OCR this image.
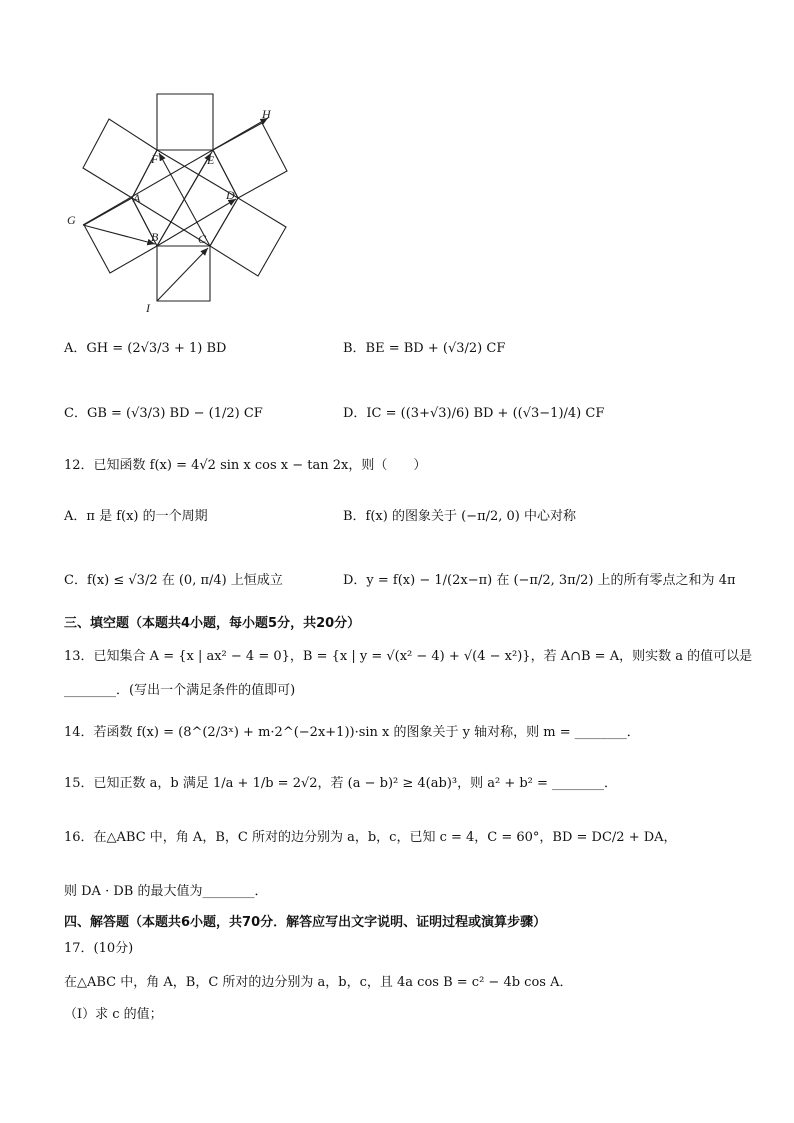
H
F	E
A	D
G
B	C
I
A．GH = (2√3/3 + 1) BD	B．BE = BD + (√3/2) CF
C．GB = (√3/3) BD − (1/2) CF	D．IC = ((3+√3)/6) BD + ((√3−1)/4) CF
12．已知函数 f(x) = 4√2 sin x cos x − tan 2x，则（　　）
A．π 是 f(x) 的一个周期	B．f(x) 的图象关于 (−π/2, 0) 中心对称
C．f(x) ≤ √3/2 在 (0, π/4) 上恒成立	D．y = f(x) − 1/(2x−π) 在 (−π/2, 3π/2) 上的所有零点之和为 4π
三、填空题（本题共4小题，每小题5分，共20分）
13．已知集合 A = {x | ax² − 4 = 0}，B = {x | y = √(x² − 4) + √(4 − x²)}，若 A∩B = A，则实数 a 的值可以是
________．(写出一个满足条件的值即可)
14．若函数 f(x) = (8^(2/3ˣ) + m·2^(−2x+1))·sin x 的图象关于 y 轴对称，则 m = ________．
15．已知正数 a，b 满足 1/a + 1/b = 2√2，若 (a − b)² ≥ 4(ab)³，则 a² + b² = ________．
16．在△ABC 中，角 A，B，C 所对的边分别为 a，b，c，已知 c = 4，C = 60°，BD = DC/2 + DA，
则 DA · DB 的最大值为________．
四、解答题（本题共6小题，共70分．解答应写出文字说明、证明过程或演算步骤）
17．(10分)
在△ABC 中，角 A，B，C 所对的边分别为 a，b，c，且 4a cos B = c² − 4b cos A．
（Ⅰ）求 c 的值；
